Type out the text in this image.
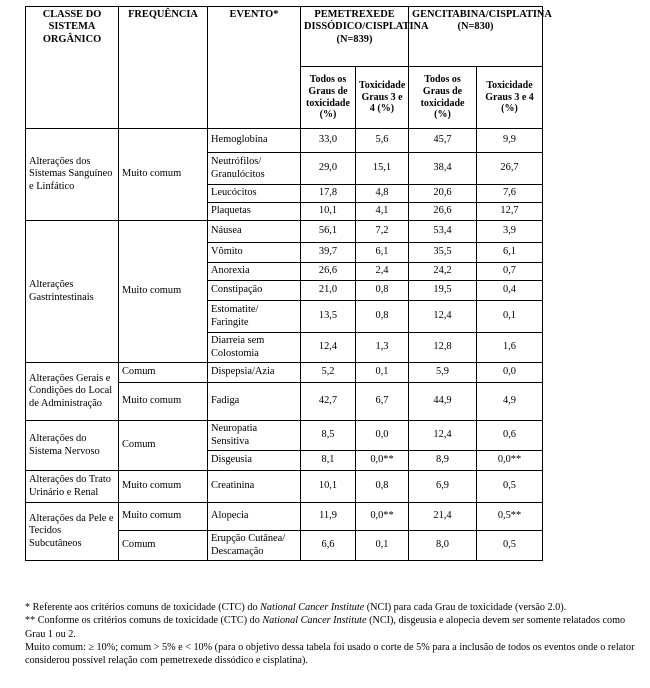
CLASSE DO SISTEMA ORGÂNICO	FREQUÊNCIA	EVENTO*	PEMETREXEDE DISSÓDICO/CISPLATINA (N=839)		GENCITABINA/CISPLATINA (N=830)	
			Todos os Graus de toxicidade (%)	Toxicidade Graus 3 e 4 (%)	Todos os Graus de toxicidade (%)	Toxicidade Graus 3 e 4 (%)
Alterações dos Sistemas Sanguíneo e Linfático	Muito comum	Hemoglobina	33,0	5,6	45,7	9,9
		Neutrófilos/ Granulócitos	29,0	15,1	38,4	26,7
		Leucócitos	17,8	4,8	20,6	7,6
		Plaquetas	10,1	4,1	26,6	12,7
Alterações Gastrintestinais	Muito comum	Náusea	56,1	7,2	53,4	3,9
		Vômito	39,7	6,1	35,5	6,1
		Anorexia	26,6	2,4	24,2	0,7
		Constipação	21,0	0,8	19,5	0,4
		Estomatite/ Faringite	13,5	0,8	12,4	0,1
		Diarreia sem Colostomia	12,4	1,3	12,8	1,6
Alterações Gerais e Condições do Local de Administração	Comum	Dispepsia/Azia	5,2	0,1	5,9	0,0
	Muito comum	Fadiga	42,7	6,7	44,9	4,9
Alterações do Sistema Nervoso	Comum	Neuropatia Sensitiva	8,5	0,0	12,4	0,6
		Disgeusia	8,1	0,0**	8,9	0,0**
Alterações do Trato Urinário e Renal	Muito comum	Creatinina	10,1	0,8	6,9	0,5
Alterações da Pele e Tecidos Subcutâneos	Muito comum	Alopecia	11,9	0,0**	21,4	0,5**
	Comum	Erupção Cutânea/ Descamação	6,6	0,1	8,0	0,5

* Referente aos critérios comuns de toxicidade (CTC) do National Cancer Institute (NCI) para cada Grau de toxicidade (versão 2.0).

** Conforme os critérios comuns de toxicidade (CTC) do National Cancer Institute (NCI), disgeusia e alopecia devem ser somente relatados como Grau 1 ou 2.

Muito comum: ≥ 10%; comum > 5% e < 10% (para o objetivo dessa tabela foi usado o corte de 5% para a inclusão de todos os eventos onde o relator considerou possível relação com pemetrexede dissódico e cisplatina).
